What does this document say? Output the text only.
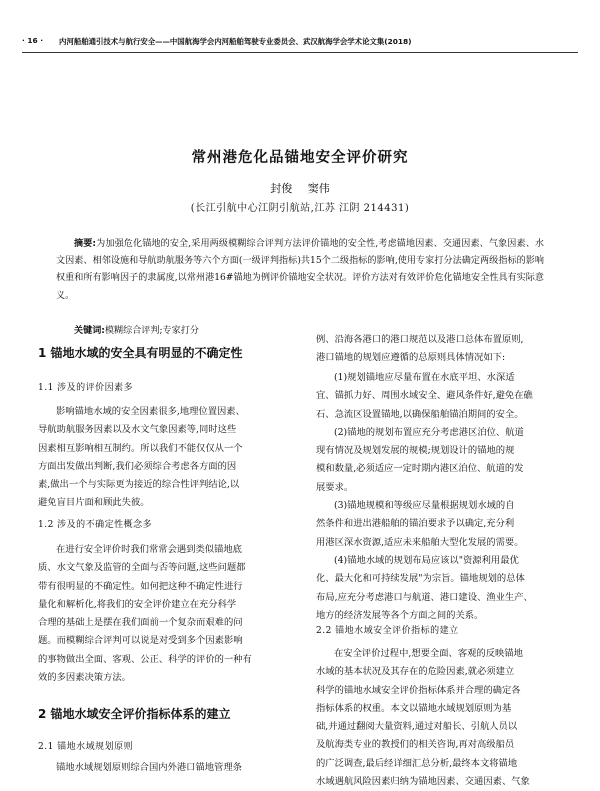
· 16 · 内河船舶通引技术与航行安全——中国航海学会内河船舶驾驶专业委员会、武汉航海学会学术论文集(2018)
常州港危化品锚地安全评价研究
封俊 窦伟
(长江引航中心江阴引航站,江苏 江阴 214431)
摘要:为加强危化锚地的安全,采用两级模糊综合评判方法评价锚地的安全性,考虑锚地因素、交通因素、气象因素、水文因素、相邻设施和导航助航服务等六个方面(一级评判指标)共15个二级指标的影响,使用专家打分法确定两级指标的影响权重和所有影响因子的隶属度,以常州港16#锚地为例评价锚地安全状况。评价方法对有效评价危化锚地安全性具有实际意义。
关键词:模糊综合评判;专家打分
1 锚地水域的安全具有明显的不确定性
1.1 涉及的评价因素多

影响锚地水域的安全因素很多,地理位置因素、

导航助航服务因素以及水文气象因素等,同时这些

因素相互影响相互制约。所以我们不能仅仅从一个

方面出发做出判断,我们必须综合考虑各方面的因

素,做出一个与实际更为接近的综合性评判结论,以

避免盲目片面和顾此失彼。

1.2 涉及的不确定性概念多

在进行安全评价时我们常常会遇到类似锚地底

质、水文气象及监管的全面与否等问题,这些问题都

带有很明显的不确定性。如何把这种不确定性进行

量化和解析化,将我们的安全评价建立在充分科学

合理的基础上是摆在我们面前一个复杂而艰难的问

题。而模糊综合评判可以说是对受到多个因素影响

的事物做出全面、客观、公正、科学的评价的一种有

效的多因素决策方法。

2 锚地水域安全评价指标体系的建立
2.1 锚地水域规划原则

锚地水域规划原则综合国内外港口锚地管理条

例、沿海各港口的港口规范以及港口总体布置原则,

港口锚地的规划应遵循的总原则具体情况如下:

(1)规划锚地应尽量布置在水底平坦、水深适

宜、锚抓力好、周围水域安全、避风条件好,避免在礁

石、急流区设置锚地,以确保船舶锚泊期间的安全。

(2)锚地的规划布置应充分考虑港区泊位、航道

现有情况及规划发展的规模;规划设计的锚地的规

模和数量,必须适应一定时期内港区泊位、航道的发

展要求。

(3)锚地规模和等级应尽量根据规划水域的自

然条件和进出港船舶的锚泊要求予以确定,充分利

用港区深水资源,适应未来船舶大型化发展的需要。

(4)锚地水域的规划布局应该以"资源利用最优

化、最大化和可持续发展"为宗旨。锚地规划的总体

布局,应充分考虑港口与航道、港口建设、渔业生产、

地方的经济发展等各个方面之间的关系。

2.2 锚地水域安全评价指标的建立

在安全评价过程中,想要全面、客观的反映锚地

水域的基本状况及其存在的危险因素,就必须建立

科学的锚地水域安全评价指标体系并合理的确定各

指标体系的权重。本文以锚地水域规划原则为基

础,并通过翻阅大量资料,通过对船长、引航人员以

及航海类专业的教授们的相关咨询,再对高级船员

的广泛调查,最后经详细汇总分析,最终本文将锚地

水域遇航风险因素归纳为锚地因素、交通因素、气象
